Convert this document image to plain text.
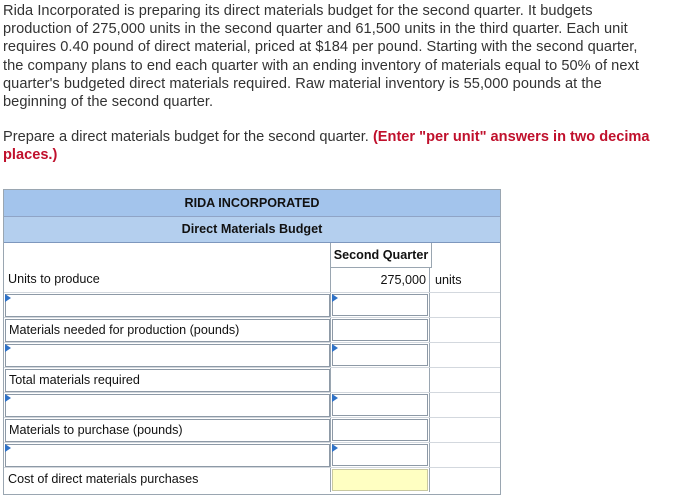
Rida Incorporated is preparing its direct materials budget for the second quarter. It budgets
production of 275,000 units in the second quarter and 61,500 units in the third quarter. Each unit
requires 0.40 pound of direct material, priced at $184 per pound. Starting with the second quarter,
the company plans to end each quarter with an ending inventory of materials equal to 50% of next
quarter's budgeted direct materials required. Raw material inventory is 55,000 pounds at the
beginning of the second quarter.
Prepare a direct materials budget for the second quarter. (Enter "per unit" answers in two decima
places.)
RIDA INCORPORATED
Direct Materials Budget
Second Quarter
Units to produce	275,000 units
Materials needed for production (pounds)
Total materials required
Materials to purchase (pounds)
Cost of direct materials purchases
